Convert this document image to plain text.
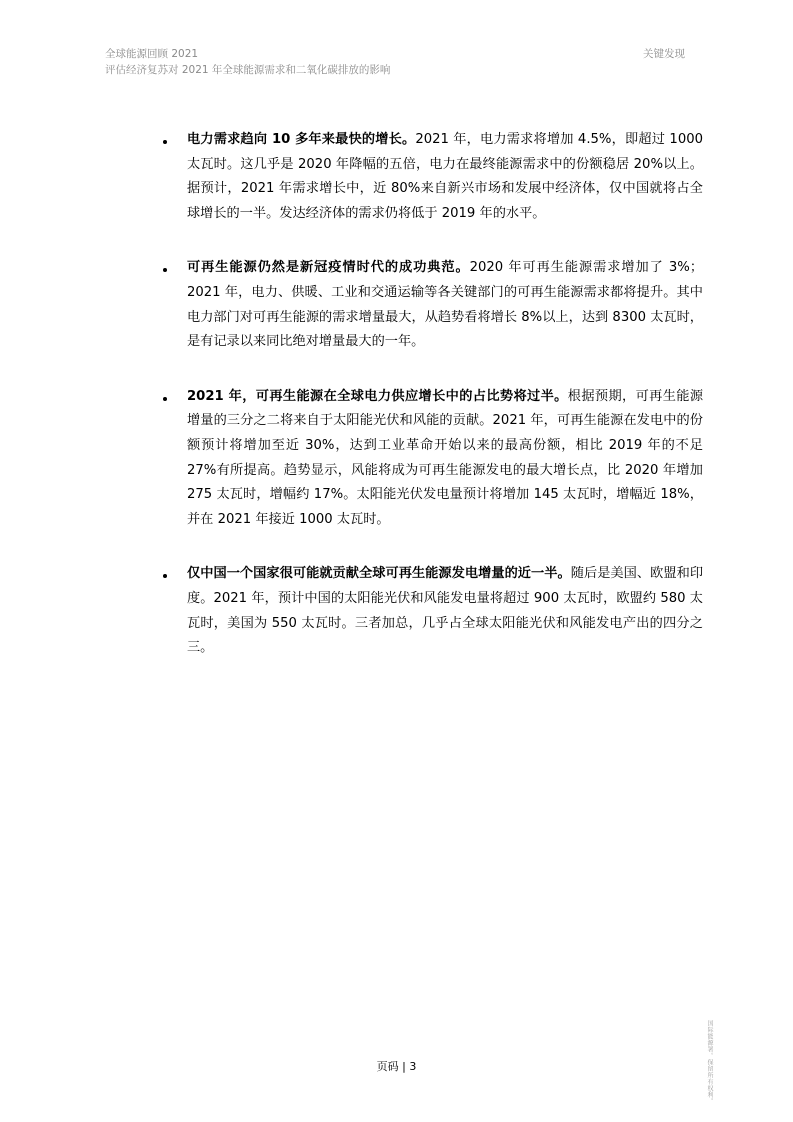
全球能源回顾 2021
评估经济复苏对 2021 年全球能源需求和二氧化碳排放的影响
关键发现
电力需求趋向 10 多年来最快的增长。2021 年，电力需求将增加 4.5%，即超过 1000 太瓦时。这几乎是 2020 年降幅的五倍，电力在最终能源需求中的份额稳居 20%以上。据预计，2021 年需求增长中，近 80%来自新兴市场和发展中经济体，仅中国就将占全球增长的一半。发达经济体的需求仍将低于 2019 年的水平。
可再生能源仍然是新冠疫情时代的成功典范。2020 年可再生能源需求增加了 3%；2021 年，电力、供暖、工业和交通运输等各关键部门的可再生能源需求都将提升。其中电力部门对可再生能源的需求增量最大，从趋势看将增长 8%以上，达到 8300 太瓦时，是有记录以来同比绝对增量最大的一年。
2021 年，可再生能源在全球电力供应增长中的占比势将过半。根据预期，可再生能源增量的三分之二将来自于太阳能光伏和风能的贡献。2021 年，可再生能源在发电中的份额预计将增加至近 30%，达到工业革命开始以来的最高份额，相比 2019 年的不足 27%有所提高。趋势显示，风能将成为可再生能源发电的最大增长点，比 2020 年增加 275 太瓦时，增幅约 17%。太阳能光伏发电量预计将增加 145 太瓦时，增幅近 18%，并在 2021 年接近 1000 太瓦时。
仅中国一个国家很可能就贡献全球可再生能源发电增量的近一半。随后是美国、欧盟和印度。2021 年，预计中国的太阳能光伏和风能发电量将超过 900 太瓦时，欧盟约 580 太瓦时，美国为 550 太瓦时。三者加总，几乎占全球太阳能光伏和风能发电产出的四分之三。
页码 | 3	国际能源署。保留所有权利。
